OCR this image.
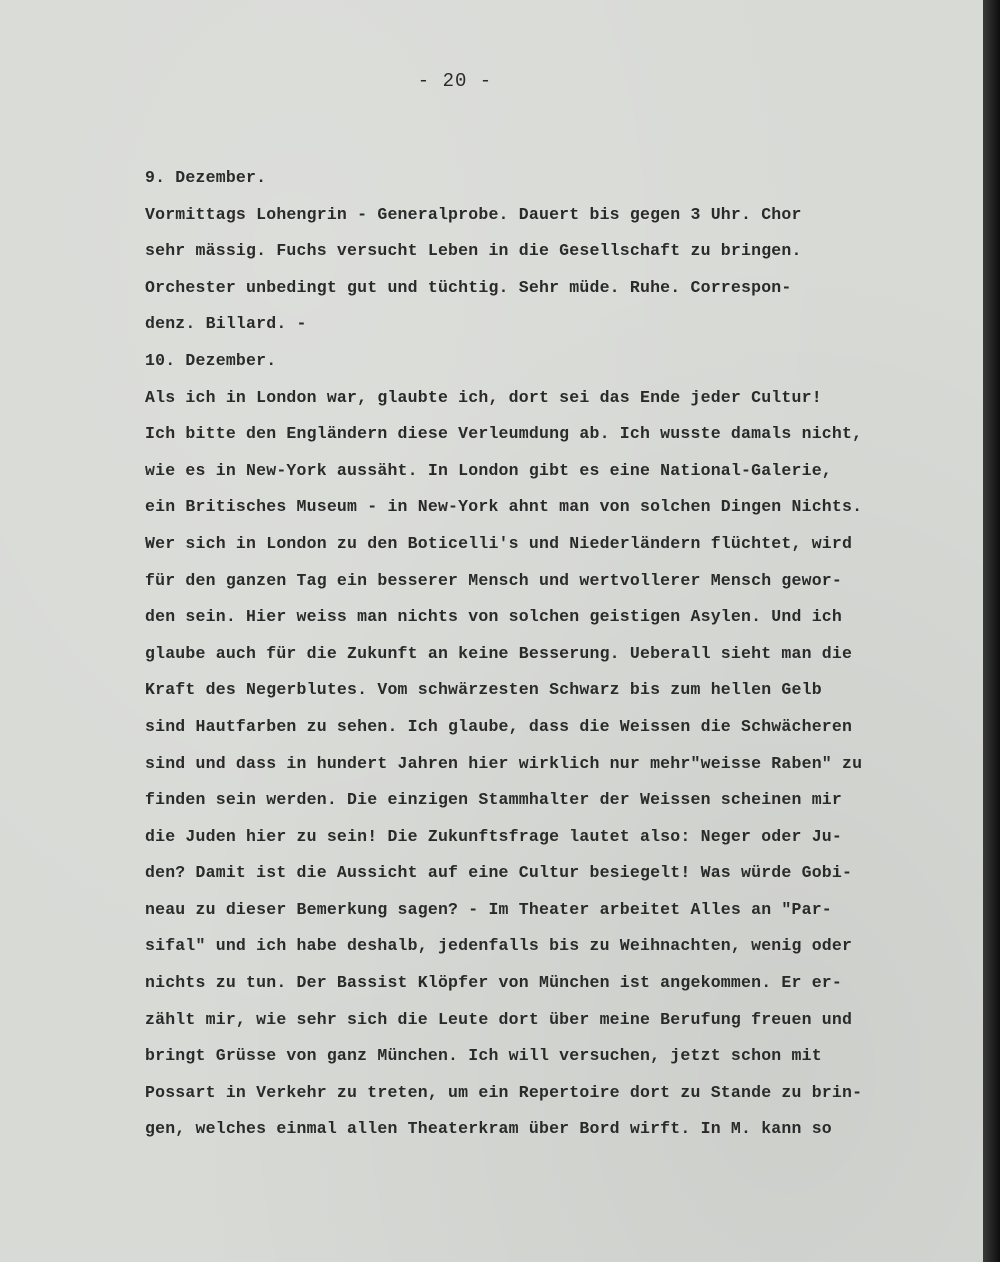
- 20 -
9. Dezember.
Vormittags Lohengrin - Generalprobe. Dauert bis gegen 3 Uhr. Chor
sehr mässig. Fuchs versucht Leben in die Gesellschaft zu bringen.
Orchester unbedingt gut und tüchtig. Sehr müde. Ruhe. Correspon-
denz. Billard. -
10. Dezember.
Als ich in London war, glaubte ich, dort sei das Ende jeder Cultur!
Ich bitte den Engländern diese Verleumdung ab. Ich wusste damals nicht,
wie es in New-York aussäht. In London gibt es eine National-Galerie,
ein Britisches Museum - in New-York ahnt man von solchen Dingen Nichts.
Wer sich in London zu den Boticelli's und Niederländern flüchtet, wird
für den ganzen Tag ein besserer Mensch und wertvollerer Mensch gewor-
den sein. Hier weiss man nichts von solchen geistigen Asylen. Und ich
glaube auch für die Zukunft an keine Besserung. Ueberall sieht man die
Kraft des Negerblutes. Vom schwärzesten Schwarz bis zum hellen Gelb
sind Hautfarben zu sehen. Ich glaube, dass die Weissen die Schwächeren
sind und dass in hundert Jahren hier wirklich nur mehr"weisse Raben" zu
finden sein werden. Die einzigen Stammhalter der Weissen scheinen mir
die Juden hier zu sein! Die Zukunftsfrage lautet also: Neger oder Ju-
den? Damit ist die Aussicht auf eine Cultur besiegelt! Was würde Gobi-
neau zu dieser Bemerkung sagen? - Im Theater arbeitet Alles an "Par-
sifal" und ich habe deshalb, jedenfalls bis zu Weihnachten, wenig oder
nichts zu tun. Der Bassist Klöpfer von München ist angekommen. Er er-
zählt mir, wie sehr sich die Leute dort über meine Berufung freuen und
bringt Grüsse von ganz München. Ich will versuchen, jetzt schon mit
Possart in Verkehr zu treten, um ein Repertoire dort zu Stande zu brin-
gen, welches einmal allen Theaterkram über Bord wirft. In M. kann so
